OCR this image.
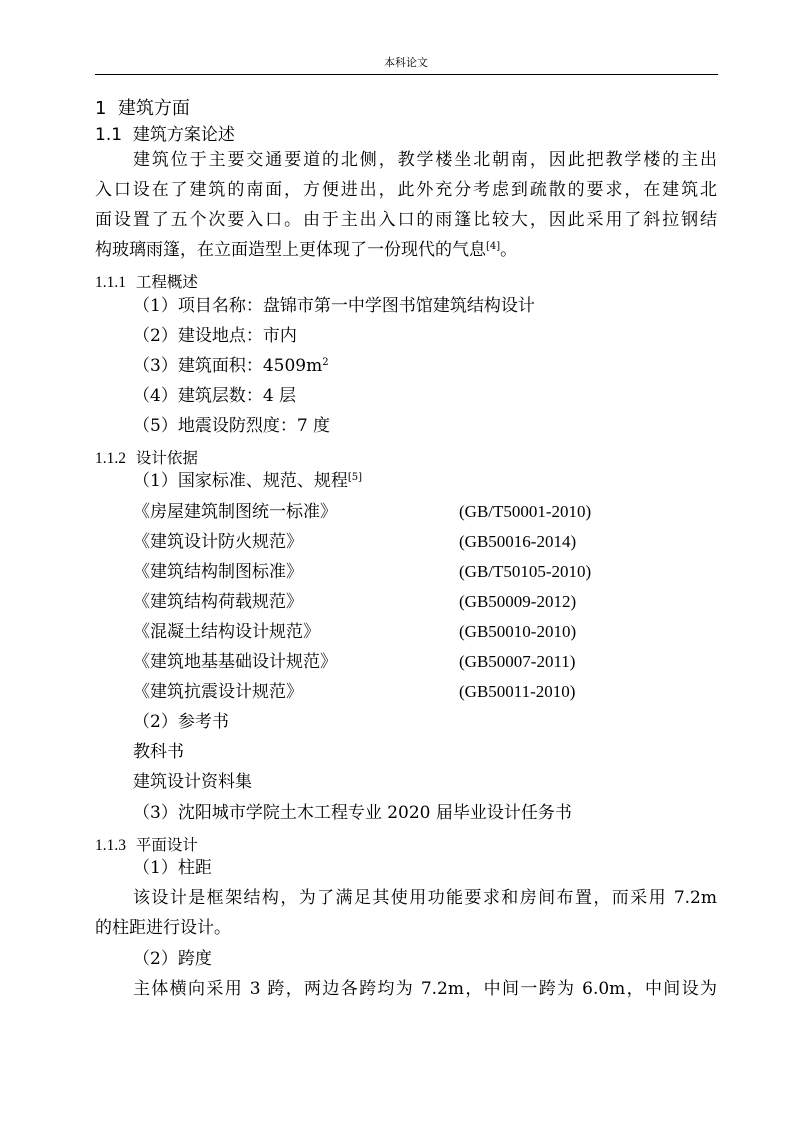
本科论文
1 建筑方面
1.1 建筑方案论述
建筑位于主要交通要道的北侧，教学楼坐北朝南，因此把教学楼的主出
入口设在了建筑的南面，方便进出，此外充分考虑到疏散的要求，在建筑北
面设置了五个次要入口。由于主出入口的雨篷比较大，因此采用了斜拉钢结
构玻璃雨篷，在立面造型上更体现了一份现代的气息[4]。
1.1.1 工程概述
（1）项目名称：盘锦市第一中学图书馆建筑结构设计
（2）建设地点：市内
（3）建筑面积：$4509m^2$
（4）建筑层数：4 层
（5）地震设防烈度：7 度
1.1.2 设计依据
（1）国家标准、规范、规程[5]
《房屋建筑制图统一标准》	(GB/T50001-2010)
《建筑设计防火规范》	(GB50016-2014)
《建筑结构制图标准》	(GB/T50105-2010)
《建筑结构荷载规范》	(GB50009-2012)
《混凝土结构设计规范》	(GB50010-2010)
《建筑地基基础设计规范》	(GB50007-2011)
《建筑抗震设计规范》	(GB50011-2010)
（2）参考书
教科书
建筑设计资料集
（3）沈阳城市学院土木工程专业 2020 届毕业设计任务书
1.1.3 平面设计
（1）柱距
该设计是框架结构，为了满足其使用功能要求和房间布置，而采用 7.2m
的柱距进行设计。
（2）跨度
主体横向采用 3 跨，两边各跨均为 7.2m，中间一跨为 6.0m，中间设为
